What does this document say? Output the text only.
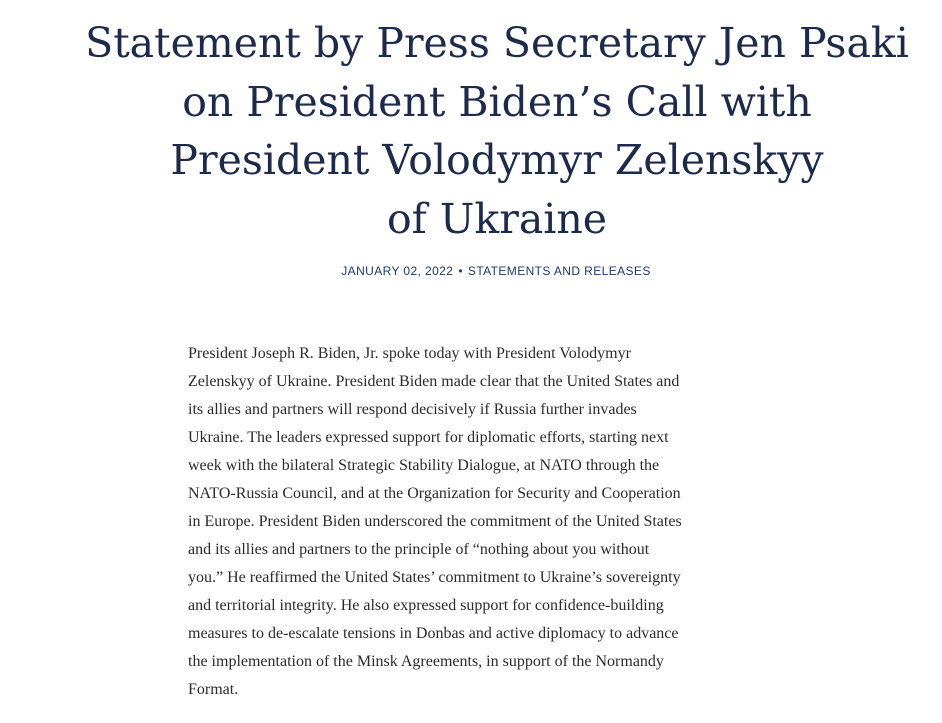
Statement by Press Secretary Jen Psaki
on President Biden’s Call with
President Volodymyr Zelenskyy
of Ukraine
JANUARY 02, 2022 • STATEMENTS AND RELEASES

President Joseph R. Biden, Jr. spoke today with President Volodymyr
Zelenskyy of Ukraine. President Biden made clear that the United States and
its allies and partners will respond decisively if Russia further invades
Ukraine. The leaders expressed support for diplomatic efforts, starting next
week with the bilateral Strategic Stability Dialogue, at NATO through the
NATO-Russia Council, and at the Organization for Security and Cooperation
in Europe. President Biden underscored the commitment of the United States
and its allies and partners to the principle of “nothing about you without
you.” He reaffirmed the United States’ commitment to Ukraine’s sovereignty
and territorial integrity. He also expressed support for confidence-building
measures to de-escalate tensions in Donbas and active diplomacy to advance
the implementation of the Minsk Agreements, in support of the Normandy
Format.
